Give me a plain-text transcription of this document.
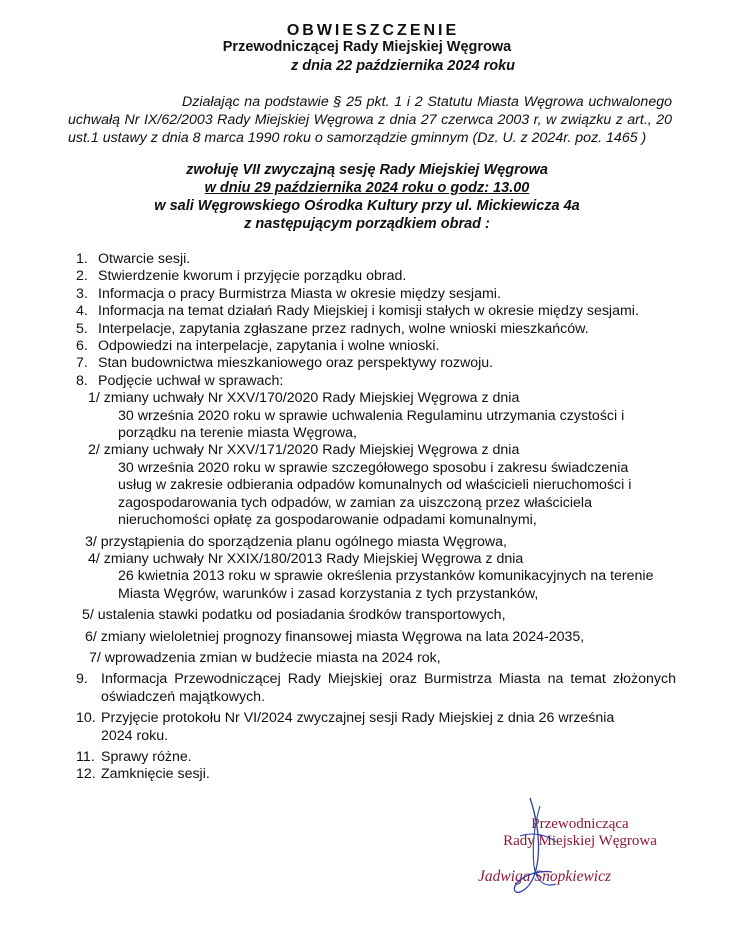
OBWIESZCZENIE
Przewodniczącej Rady Miejskiej Węgrowa
z dnia 22 października 2024 roku
Działając na podstawie § 25 pkt. 1 i 2 Statutu Miasta Węgrowa uchwalonego uchwałą Nr IX/62/2003 Rady Miejskiej Węgrowa z dnia 27 czerwca 2003 r, w związku z art., 20 ust.1 ustawy z dnia 8 marca 1990 roku o samorządzie gminnym (Dz. U. z 2024r. poz. 1465 )
zwołuję VII zwyczajną sesję Rady Miejskiej Węgrowa
w dniu 29 października 2024 roku o godz: 13.00
w sali Węgrowskiego Ośrodka Kultury przy ul. Mickiewicza 4a
z następującym porządkiem obrad :
1. Otwarcie sesji.
2. Stwierdzenie kworum i przyjęcie porządku obrad.
3. Informacja o pracy Burmistrza Miasta w okresie między sesjami.
4. Informacja na temat działań Rady Miejskiej i komisji stałych w okresie między sesjami.
5. Interpelacje, zapytania zgłaszane przez radnych, wolne wnioski mieszkańców.
6. Odpowiedzi na interpelacje, zapytania i wolne wnioski.
7. Stan budownictwa mieszkaniowego oraz perspektywy rozwoju.
8. Podjęcie uchwał w sprawach:
1/ zmiany uchwały Nr XXV/170/2020 Rady Miejskiej Węgrowa z dnia
30 września 2020 roku w sprawie uchwalenia Regulaminu utrzymania czystości i porządku na terenie miasta Węgrowa,
2/ zmiany uchwały Nr XXV/171/2020 Rady Miejskiej Węgrowa z dnia
30 września 2020 roku w sprawie szczegółowego sposobu i zakresu świadczenia usług w zakresie odbierania odpadów komunalnych od właścicieli nieruchomości i zagospodarowania tych odpadów, w zamian za uiszczoną przez właściciela nieruchomości opłatę za gospodarowanie odpadami komunalnymi,
3/ przystąpienia do sporządzenia planu ogólnego miasta Węgrowa,
4/ zmiany uchwały Nr XXIX/180/2013 Rady Miejskiej Węgrowa z dnia
26 kwietnia 2013 roku w sprawie określenia przystanków komunikacyjnych na terenie Miasta Węgrów, warunków i zasad korzystania z tych przystanków,
5/ ustalenia stawki podatku od posiadania środków transportowych,
6/ zmiany wieloletniej prognozy finansowej miasta Węgrowa na lata 2024-2035,
7/ wprowadzenia zmian w budżecie miasta na 2024 rok,
9. Informacja Przewodniczącej Rady Miejskiej oraz Burmistrza Miasta na temat złożonych oświadczeń majątkowych.
10. Przyjęcie protokołu Nr VI/2024 zwyczajnej sesji Rady Miejskiej z dnia 26 września 2024 roku.
11. Sprawy różne.
12. Zamknięcie sesji.
Przewodnicząca
Rady Miejskiej Węgrowa
Jadwiga Snopkiewicz
